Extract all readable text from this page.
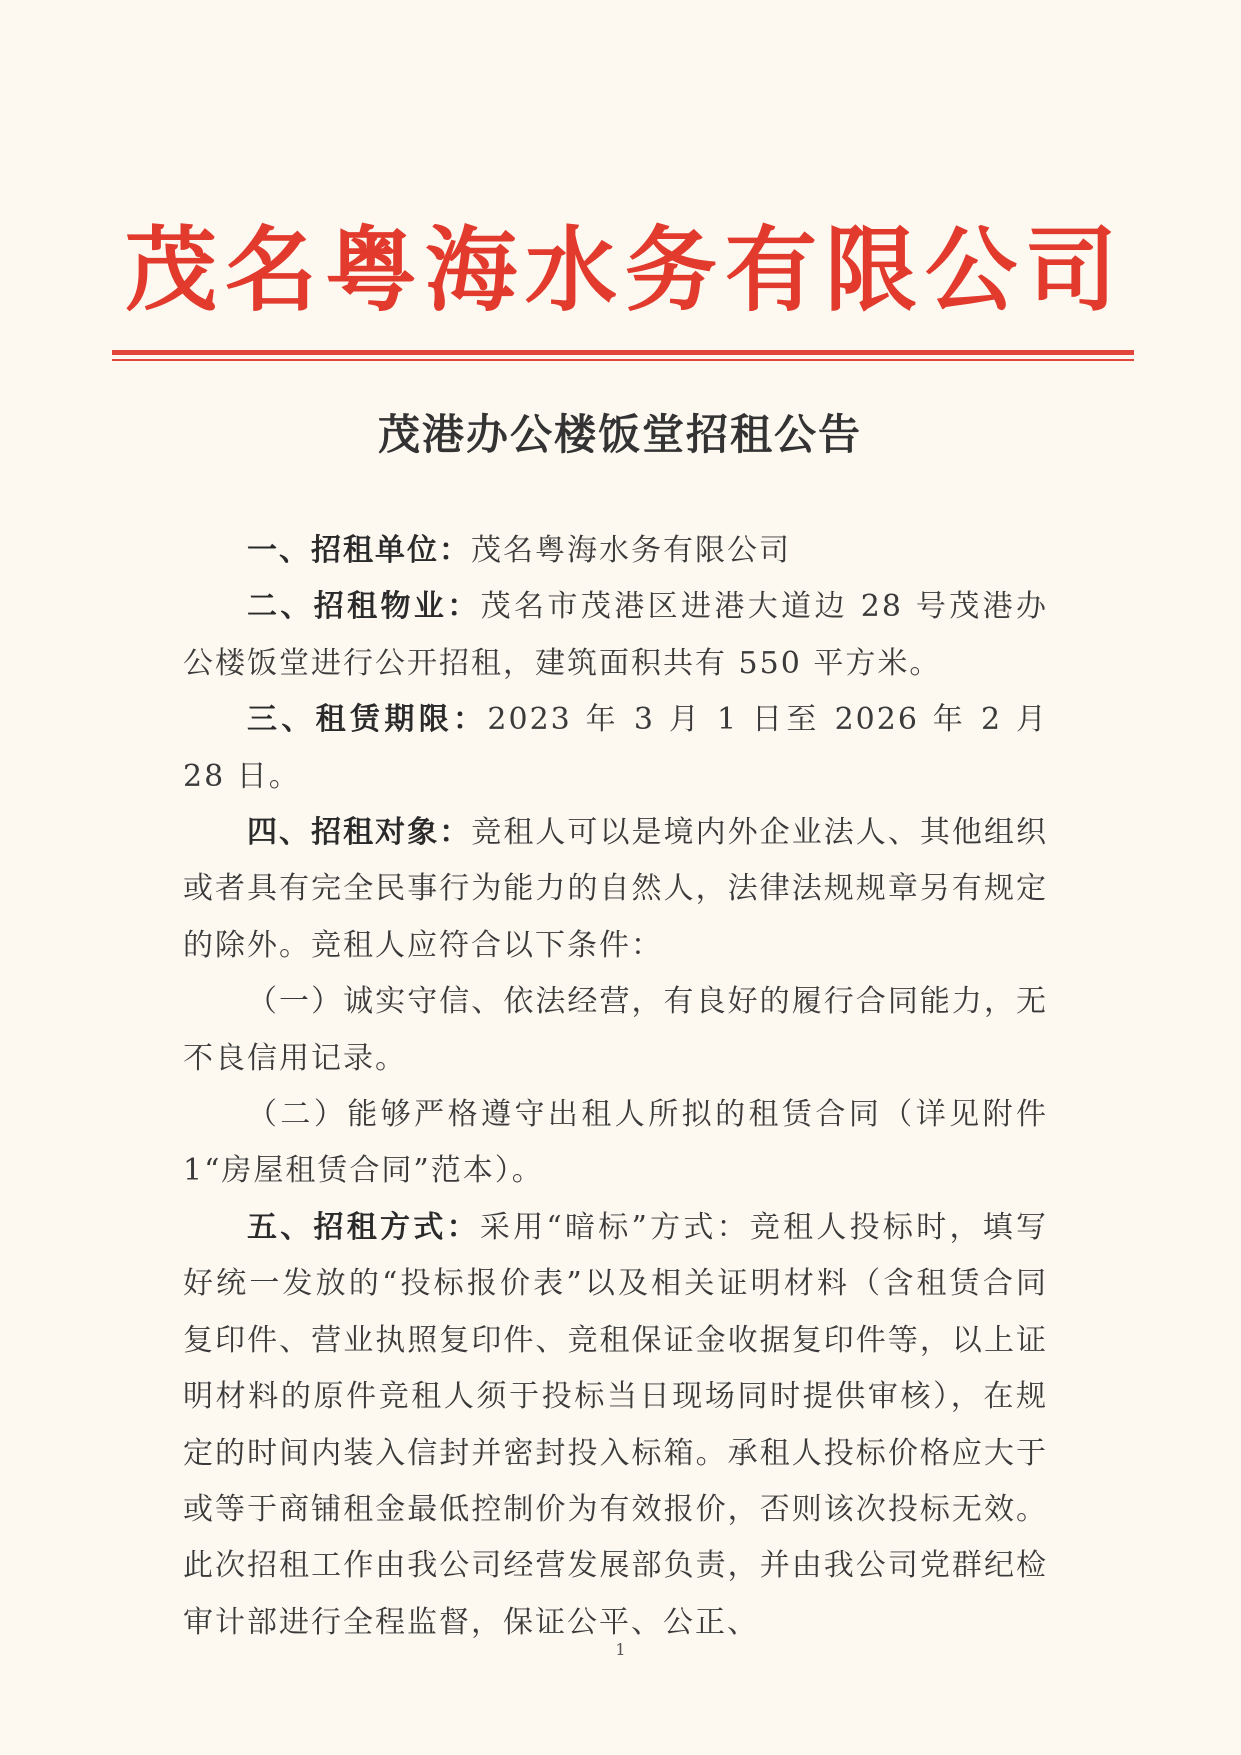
茂名粤海水务有限公司
茂港办公楼饭堂招租公告

一、招租单位：茂名粤海水务有限公司

二、招租物业：茂名市茂港区进港大道边 28 号茂港办公楼饭堂进行公开招租，建筑面积共有 550 平方米。

三、租赁期限：2023 年 3 月 1 日至 2026 年 2 月 28 日。

四、招租对象：竞租人可以是境内外企业法人、其他组织或者具有完全民事行为能力的自然人，法律法规规章另有规定的除外。竞租人应符合以下条件：

（一）诚实守信、依法经营，有良好的履行合同能力，无不良信用记录。

（二）能够严格遵守出租人所拟的租赁合同（详见附件 1“房屋租赁合同”范本）。

五、招租方式：采用“暗标”方式：竞租人投标时，填写好统一发放的“投标报价表”以及相关证明材料（含租赁合同复印件、营业执照复印件、竞租保证金收据复印件等，以上证明材料的原件竞租人须于投标当日现场同时提供审核），在规定的时间内装入信封并密封投入标箱。承租人投标价格应大于或等于商铺租金最低控制价为有效报价，否则该次投标无效。此次招租工作由我公司经营发展部负责，并由我公司党群纪检审计部进行全程监督，保证公平、公正、

1
